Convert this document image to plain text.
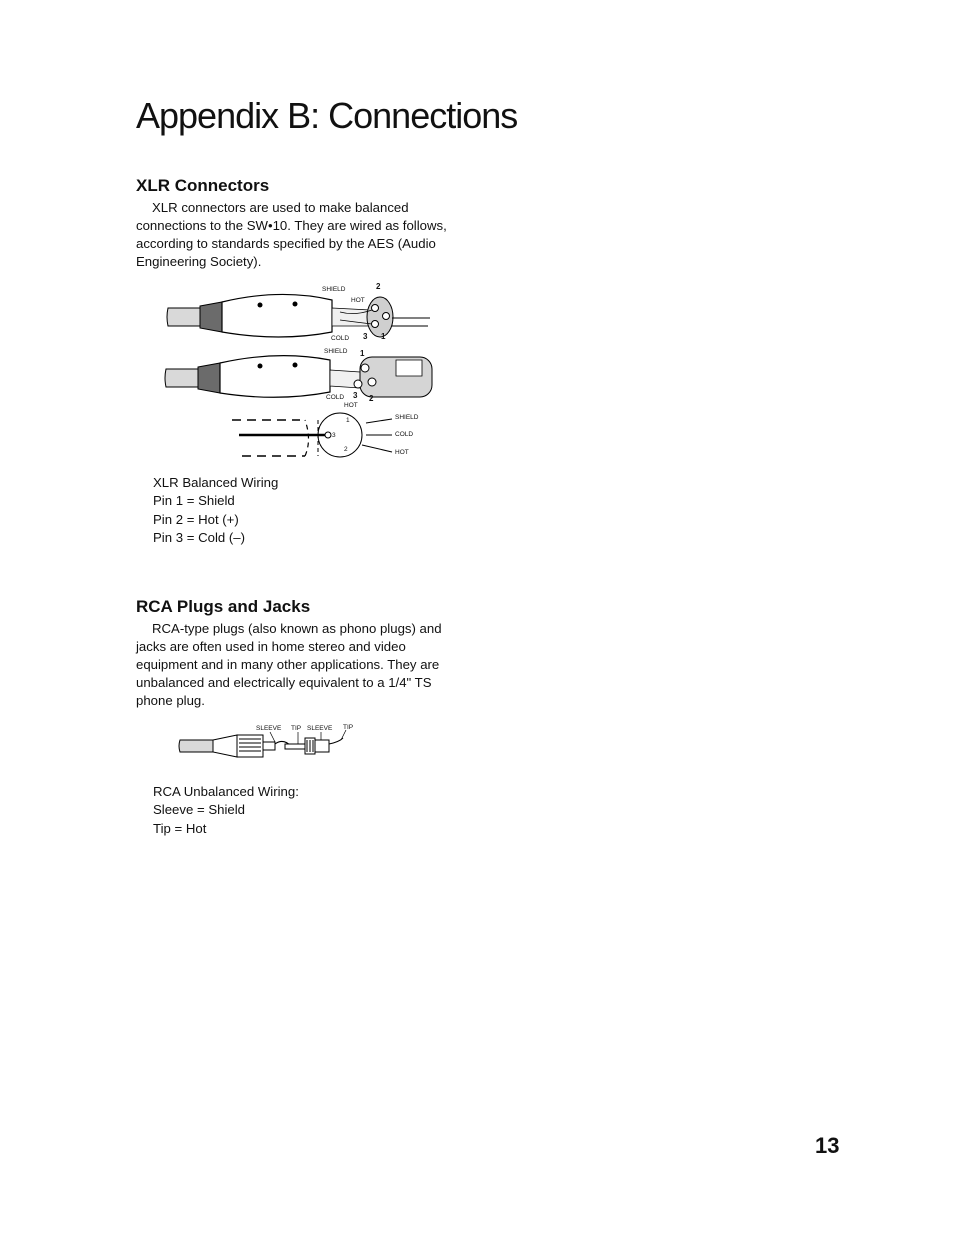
Appendix B: Connections
XLR Connectors

XLR connectors are used to make balanced connections to the SW•10. They are wired as follows, according to standards specified by the AES (Audio Engineering Society).

SHIELD	2
HOT
COLD 3 1
SHIELD 1
COLD 3 2
HOT
1
3
2
SHIELD
COLD
HOT
XLR Balanced Wiring
Pin 1 = Shield
Pin 2 = Hot (+)
Pin 3 = Cold (–)
RCA Plugs and Jacks

RCA-type plugs (also known as phono plugs) and jacks are often used in home stereo and video equipment and in many other applications. They are unbalanced and electrically equivalent to a 1/4" TS phone plug.

SLEEVE TIP SLEEVE TIP
RCA Unbalanced Wiring:
Sleeve = Shield
Tip = Hot
13
